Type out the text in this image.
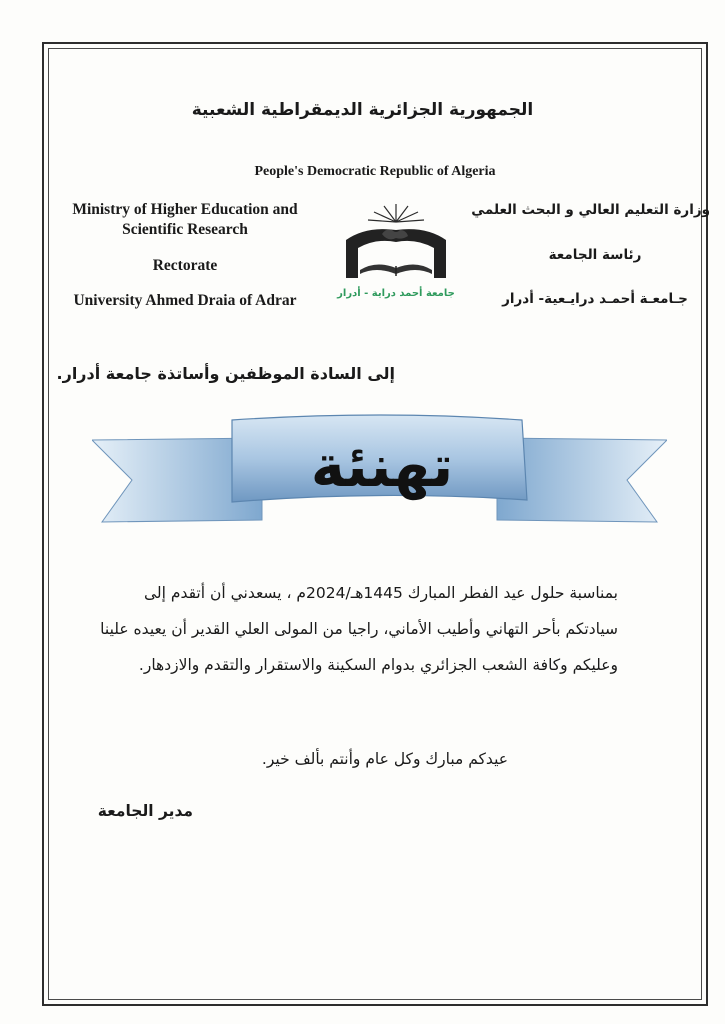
الجمهورية الجزائرية الديمقراطية الشعبية
People's Democratic Republic of Algeria
Ministry of Higher Education and Scientific Research
Rectorate
University Ahmed Draia of Adrar
وزارة التعليم العالي و البحث العلمي
رئاسة الجامعة
جـامعـة أحمـد درايـعية- أدرار
جامعة أحمد دراية - أدرار
إلى السادة الموظفين وأساتذة جامعة أدرار.
تهنئة
بمناسبة حلول عيد الفطر المبارك 1445هـ/2024م ، يسعدني أن أتقدم إلى سيادتكم بأحر التهاني وأطيب الأماني، راجيا من المولى العلي القدير أن يعيده علينا وعليكم وكافة الشعب الجزائري بدوام السكينة والاستقرار والتقدم والازدهار.
عيدكم مبارك وكل عام وأنتم بألف خير.
مدير الجامعة
